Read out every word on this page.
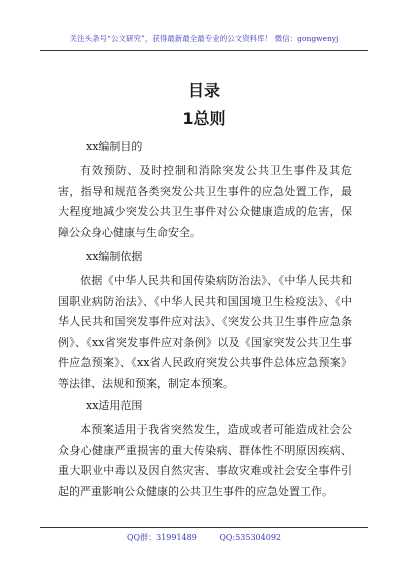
关注头条号“公文研究”，获得最新最全最专业的公文资料库！ 微信：gongwenyj
目录
1总则
xx编制目的

有效预防、及时控制和消除突发公共卫生事件及其危害，指导和规范各类突发公共卫生事件的应急处置工作，最大程度地减少突发公共卫生事件对公众健康造成的危害，保障公众身心健康与生命安全。

xx编制依据

依据《中华人民共和国传染病防治法》、《中华人民共和国职业病防治法》、《中华人民共和国国境卫生检疫法》、《中华人民共和国突发事件应对法》、《突发公共卫生事件应急条例》、《xx省突发事件应对条例》以及《国家突发公共卫生事件应急预案》、《xx省人民政府突发公共事件总体应急预案》等法律、法规和预案，制定本预案。

xx适用范围

本预案适用于我省突然发生，造成或者可能造成社会公众身心健康严重损害的重大传染病、群体性不明原因疾病、重大职业中毒以及因自然灾害、事故灾难或社会安全事件引起的严重影响公众健康的公共卫生事件的应急处置工作。

QQ群：31991489	QQ:535304092
